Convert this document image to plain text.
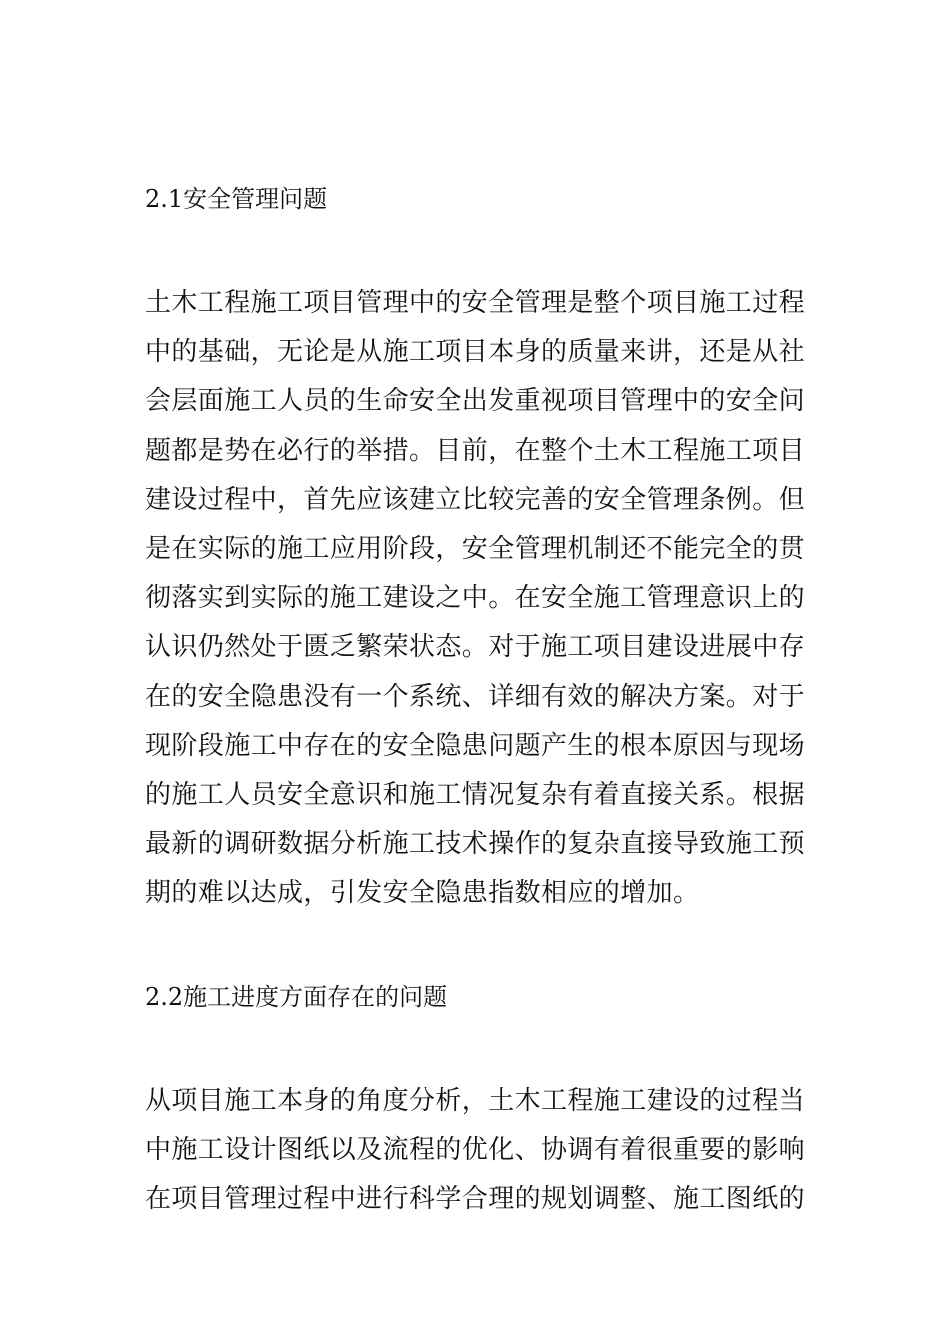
2.1安全管理问题
土木工程施工项目管理中的安全管理是整个项目施工过程
中的基础，无论是从施工项目本身的质量来讲，还是从社
会层面施工人员的生命安全出发重视项目管理中的安全问
题都是势在必行的举措。目前，在整个土木工程施工项目
建设过程中，首先应该建立比较完善的安全管理条例。但
是在实际的施工应用阶段，安全管理机制还不能完全的贯
彻落实到实际的施工建设之中。在安全施工管理意识上的
认识仍然处于匮乏繁荣状态。对于施工项目建设进展中存
在的安全隐患没有一个系统、详细有效的解决方案。对于
现阶段施工中存在的安全隐患问题产生的根本原因与现场
的施工人员安全意识和施工情况复杂有着直接关系。根据
最新的调研数据分析施工技术操作的复杂直接导致施工预
期的难以达成，引发安全隐患指数相应的增加。
2.2施工进度方面存在的问题
从项目施工本身的角度分析，土木工程施工建设的过程当
中施工设计图纸以及流程的优化、协调有着很重要的影响
在项目管理过程中进行科学合理的规划调整、施工图纸的
